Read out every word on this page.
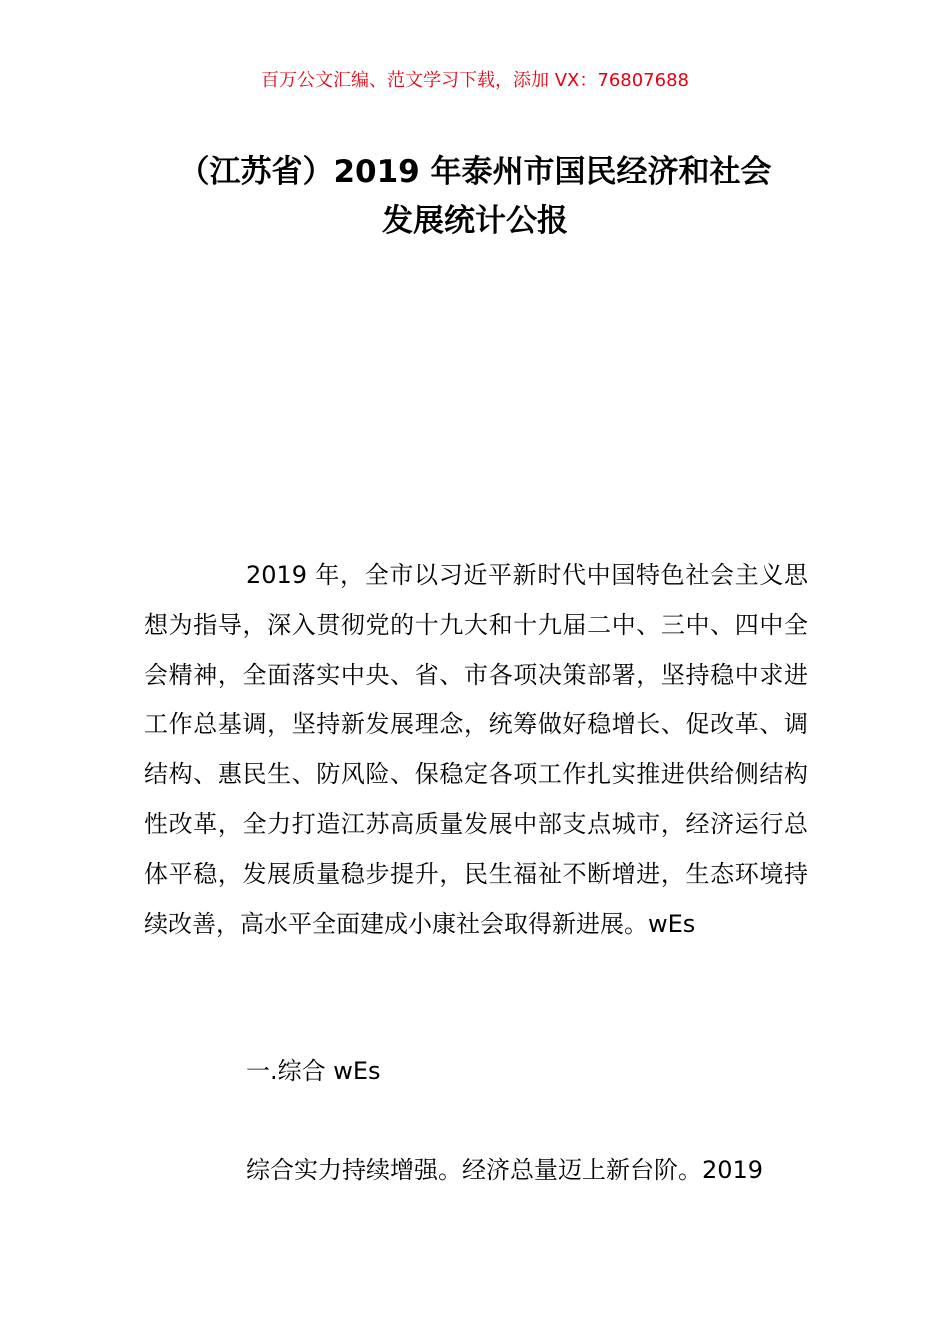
百万公文汇编、范文学习下载，添加 VX：76807688
（江苏省）2019 年泰州市国民经济和社会
发展统计公报
2019 年，全市以习近平新时代中国特色社会主义思想为指导，深入贯彻党的十九大和十九届二中、三中、四中全会精神，全面落实中央、省、市各项决策部署，坚持稳中求进工作总基调，坚持新发展理念，统筹做好稳增长、促改革、调结构、惠民生、防风险、保稳定各项工作扎实推进供给侧结构性改革，全力打造江苏高质量发展中部支点城市，经济运行总体平稳，发展质量稳步提升，民生福祉不断增进，生态环境持续改善，高水平全面建成小康社会取得新进展。wEs
一.综合 wEs
综合实力持续增强。经济总量迈上新台阶。2019
